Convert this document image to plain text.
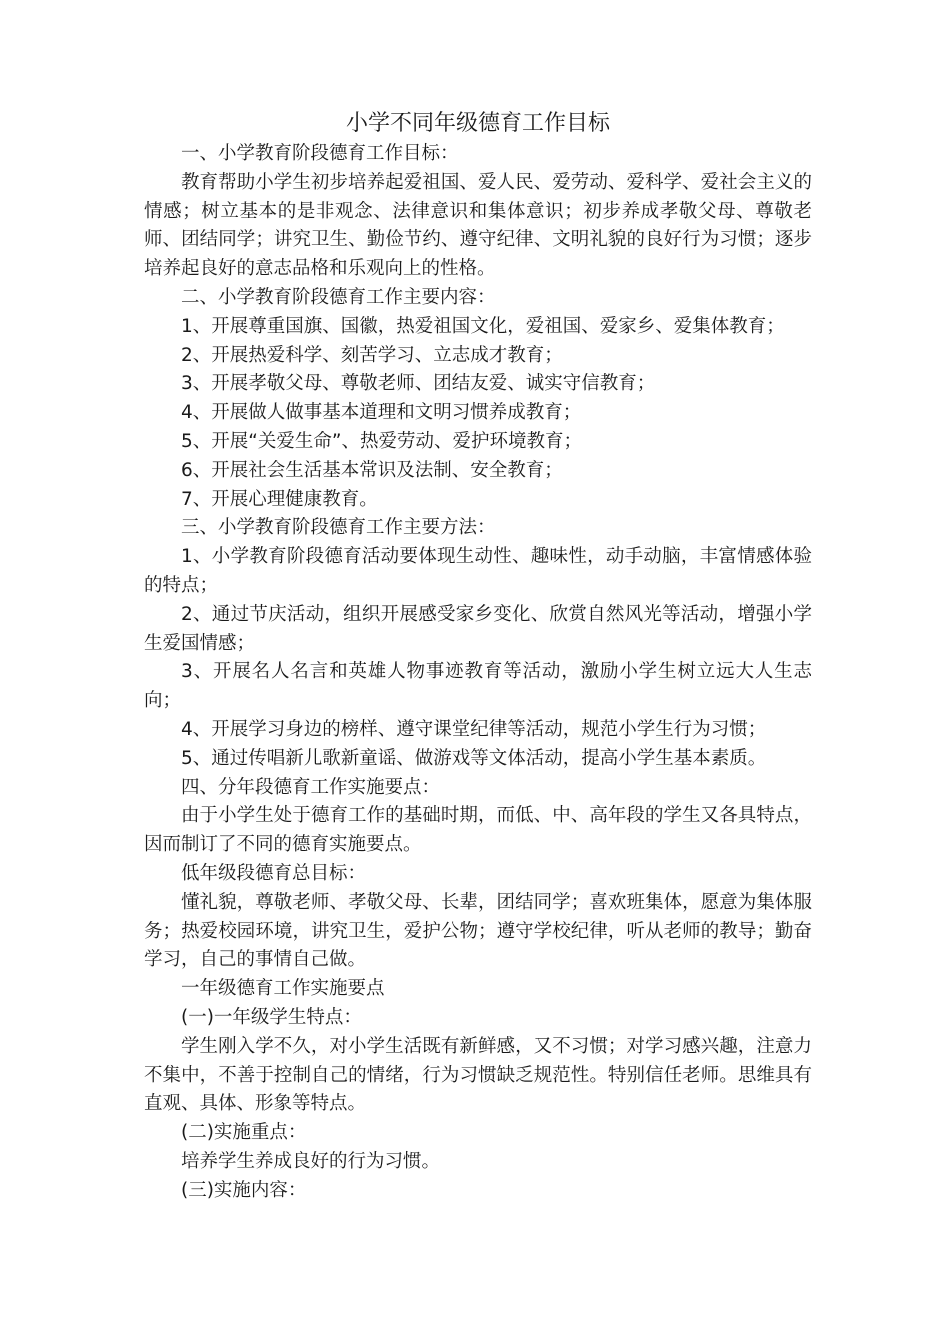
小学不同年级德育工作目标

一、小学教育阶段德育工作目标：

教育帮助小学生初步培养起爱祖国、爱人民、爱劳动、爱科学、爱社会主义的情感；树立基本的是非观念、法律意识和集体意识；初步养成孝敬父母、尊敬老师、团结同学；讲究卫生、勤俭节约、遵守纪律、文明礼貌的良好行为习惯；逐步培养起良好的意志品格和乐观向上的性格。

二、小学教育阶段德育工作主要内容：

1、开展尊重国旗、国徽，热爱祖国文化，爱祖国、爱家乡、爱集体教育；

2、开展热爱科学、刻苦学习、立志成才教育；

3、开展孝敬父母、尊敬老师、团结友爱、诚实守信教育；

4、开展做人做事基本道理和文明习惯养成教育；

5、开展“关爱生命”、热爱劳动、爱护环境教育；

6、开展社会生活基本常识及法制、安全教育；

7、开展心理健康教育。

三、小学教育阶段德育工作主要方法：

1、小学教育阶段德育活动要体现生动性、趣味性，动手动脑，丰富情感体验的特点；

2、通过节庆活动，组织开展感受家乡变化、欣赏自然风光等活动，增强小学生爱国情感；

3、开展名人名言和英雄人物事迹教育等活动，激励小学生树立远大人生志向；

4、开展学习身边的榜样、遵守课堂纪律等活动，规范小学生行为习惯；

5、通过传唱新儿歌新童谣、做游戏等文体活动，提高小学生基本素质。

四、分年段德育工作实施要点：

由于小学生处于德育工作的基础时期，而低、中、高年段的学生又各具特点，因而制订了不同的德育实施要点。

低年级段德育总目标：

懂礼貌，尊敬老师、孝敬父母、长辈，团结同学；喜欢班集体，愿意为集体服务；热爱校园环境，讲究卫生，爱护公物；遵守学校纪律，听从老师的教导；勤奋学习，自己的事情自己做。

一年级德育工作实施要点

(一)一年级学生特点：

学生刚入学不久，对小学生活既有新鲜感，又不习惯；对学习感兴趣，注意力不集中，不善于控制自己的情绪，行为习惯缺乏规范性。特别信任老师。思维具有直观、具体、形象等特点。

(二)实施重点：

培养学生养成良好的行为习惯。

(三)实施内容：
